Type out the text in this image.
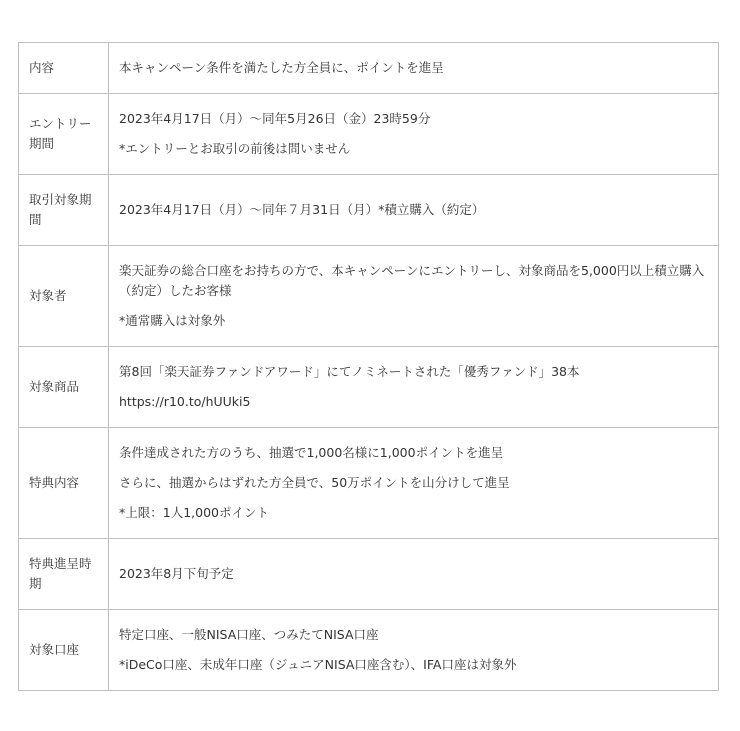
内容	本キャンペーン条件を満たした方全員に、ポイントを進呈

エントリー期間	2023年4月17日（月）〜同年5月26日（金）23時59分

*エントリーとお取引の前後は問いません

取引対象期間	2023年4月17日（月）〜同年７月31日（月）*積立購入（約定）

対象者	楽天証券の総合口座をお持ちの方で、本キャンペーンにエントリーし、対象商品を5,000円以上積立購入（約定）したお客様

*通常購入は対象外

対象商品	第8回「楽天証券ファンドアワード」にてノミネートされた「優秀ファンド」38本

https://r10.to/hUUki5

特典内容	条件達成された方のうち、抽選で1,000名様に1,000ポイントを進呈

さらに、抽選からはずれた方全員で、50万ポイントを山分けして進呈

*上限：1人1,000ポイント

特典進呈時期	2023年8月下旬予定

対象口座	特定口座、一般NISA口座、つみたてNISA口座

*iDeCo口座、未成年口座（ジュニアNISA口座含む）、IFA口座は対象外
